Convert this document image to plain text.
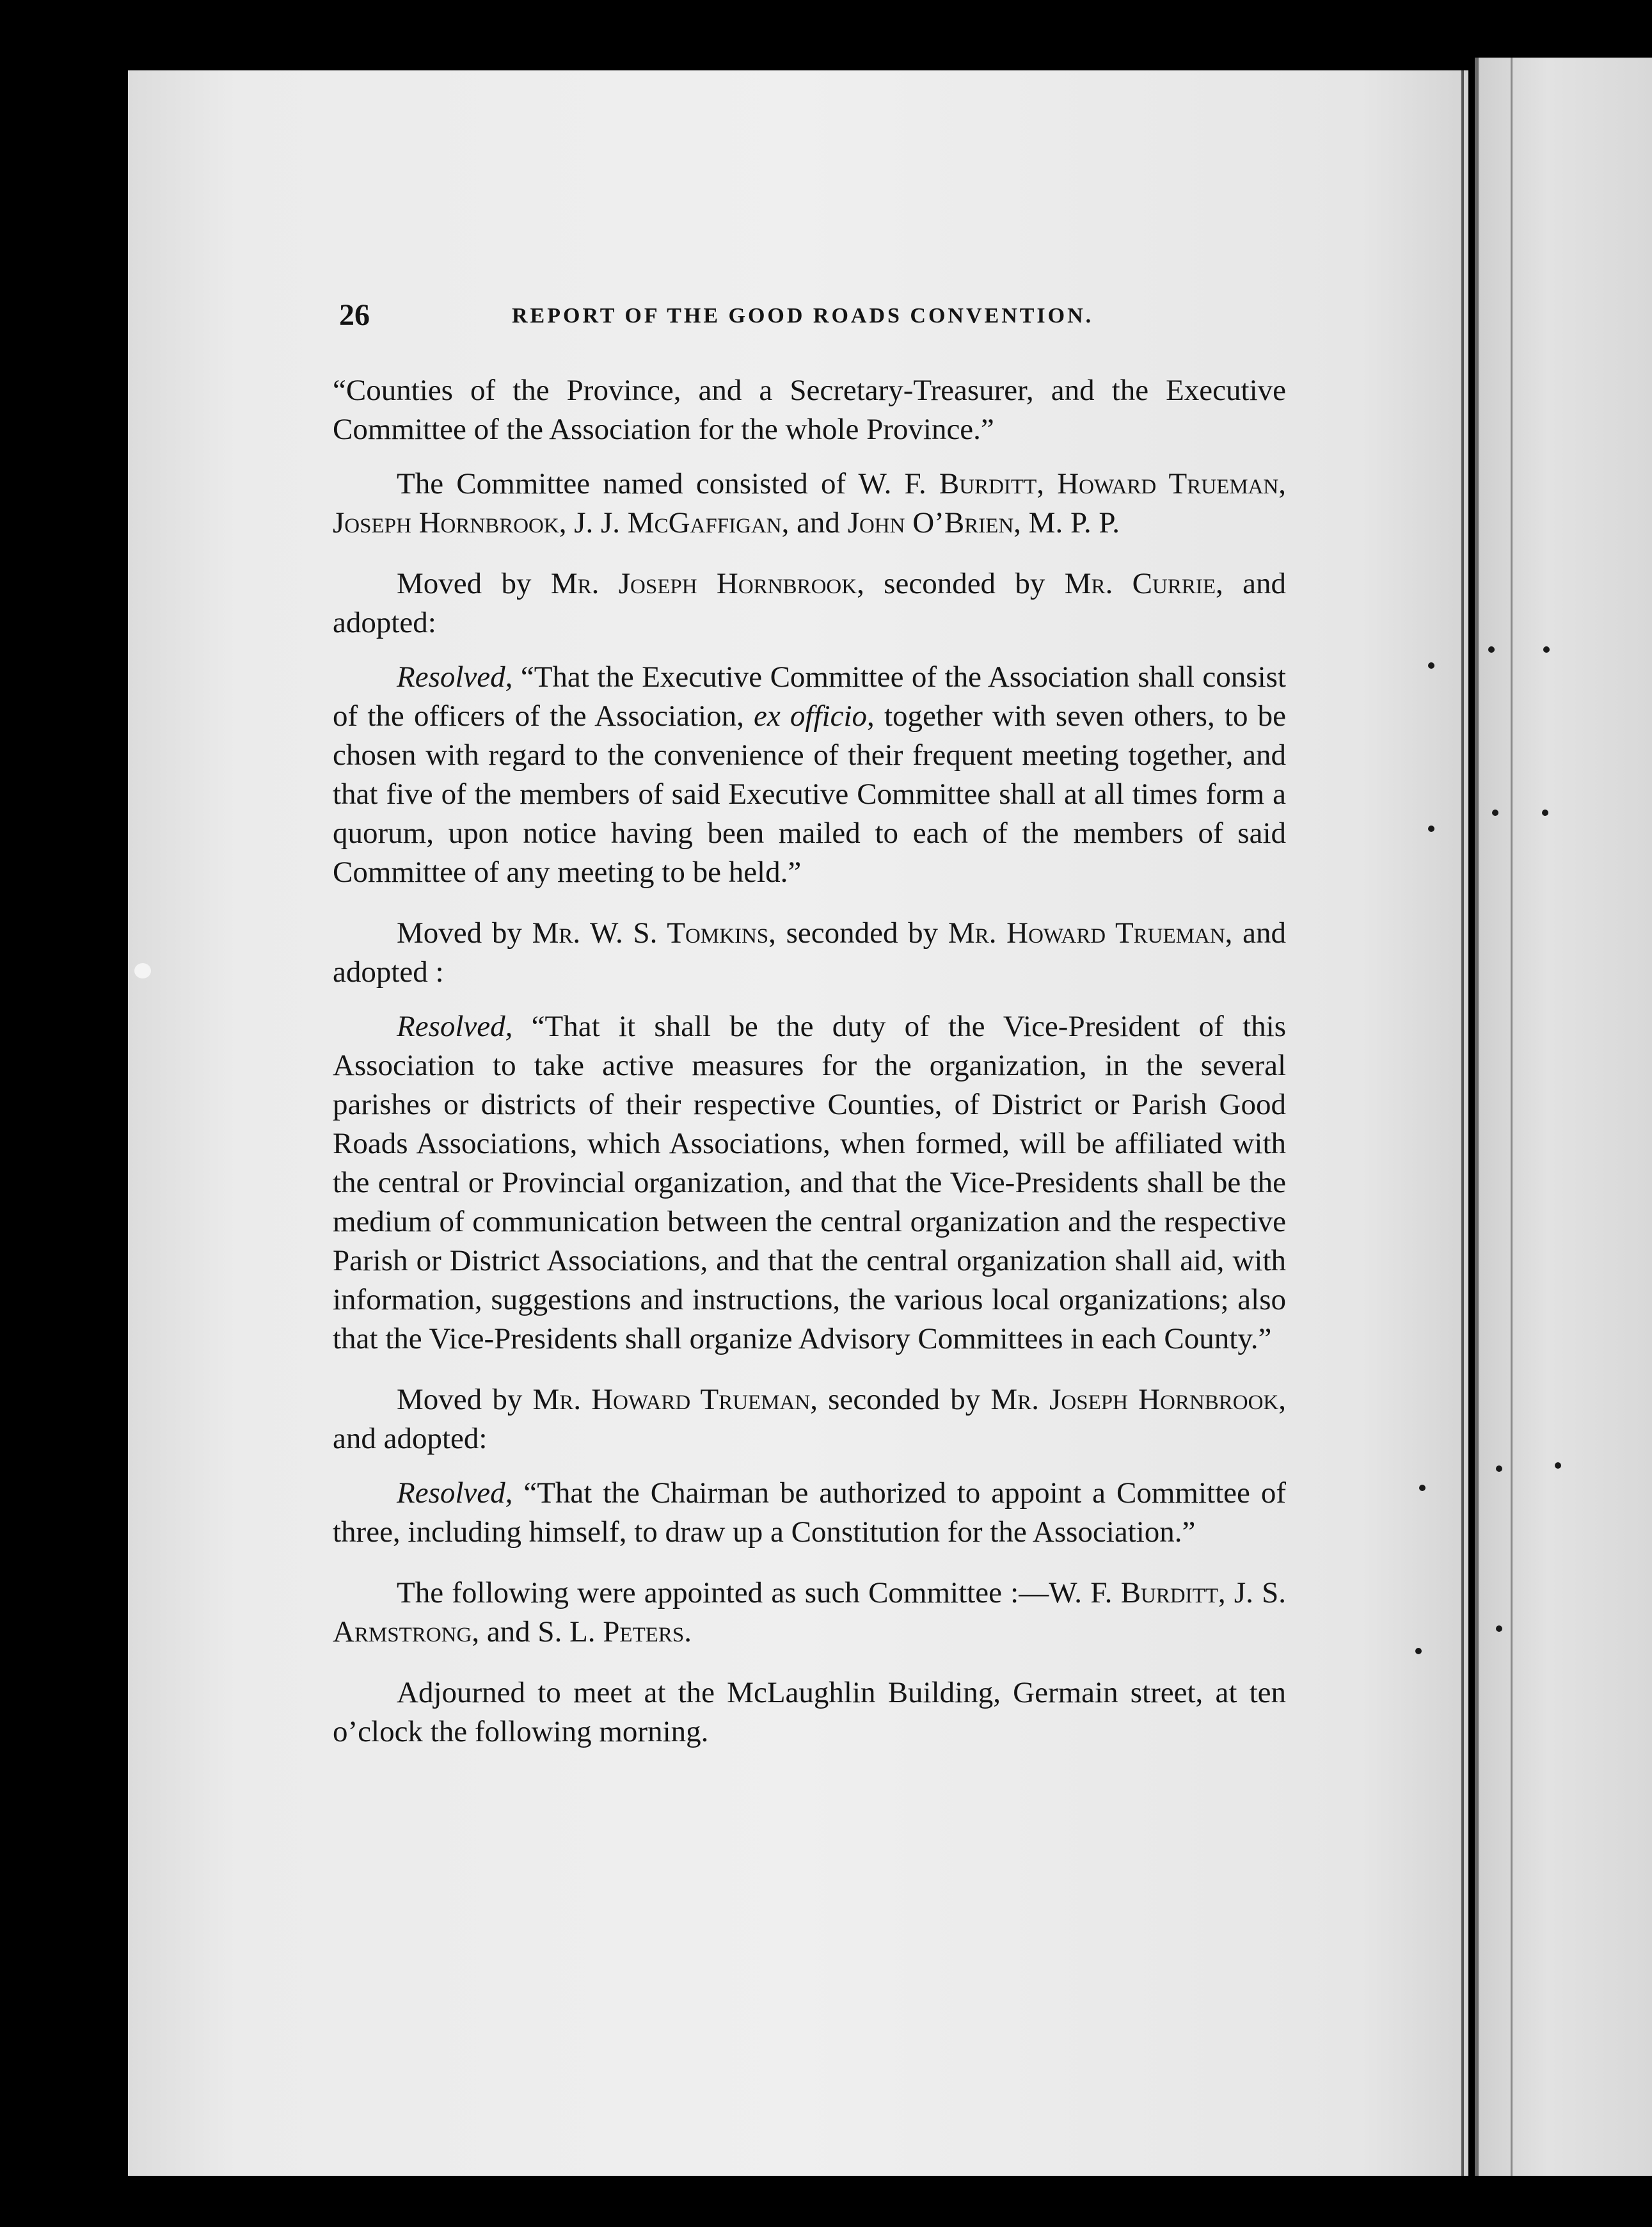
26	REPORT OF THE GOOD ROADS CONVENTION.

“Counties of the Province, and a Secretary-Treasurer, and the Executive Committee of the Association for the whole Province.”

The Committee named consisted of W. F. Burditt, Howard Trueman, Joseph Hornbrook, J. J. McGaffigan, and John O’Brien, M. P. P.

Moved by Mr. Joseph Hornbrook, seconded by Mr. Currie, and adopted:

Resolved, “That the Executive Committee of the Association shall consist of the officers of the Association, ex officio, together with seven others, to be chosen with regard to the convenience of their frequent meeting together, and that five of the members of said Executive Committee shall at all times form a quorum, upon notice having been mailed to each of the members of said Committee of any meeting to be held.”

Moved by Mr. W. S. Tomkins, seconded by Mr. Howard Trueman, and adopted :

Resolved, “That it shall be the duty of the Vice-President of this Association to take active measures for the organization, in the several parishes or districts of their respective Counties, of District or Parish Good Roads Associations, which Associations, when formed, will be affiliated with the central or Provincial organization, and that the Vice-Presidents shall be the medium of communication between the central organization and the respective Parish or District Associations, and that the central organization shall aid, with information, suggestions and instructions, the various local organizations; also that the Vice-Presidents shall organize Advisory Committees in each County.”

Moved by Mr. Howard Trueman, seconded by Mr. Joseph Hornbrook, and adopted:

Resolved, “That the Chairman be authorized to appoint a Committee of three, including himself, to draw up a Constitution for the Association.”

The following were appointed as such Committee :—W. F. Burditt, J. S. Armstrong, and S. L. Peters.

Adjourned to meet at the McLaughlin Building, Germain street, at ten o’clock the following morning.
